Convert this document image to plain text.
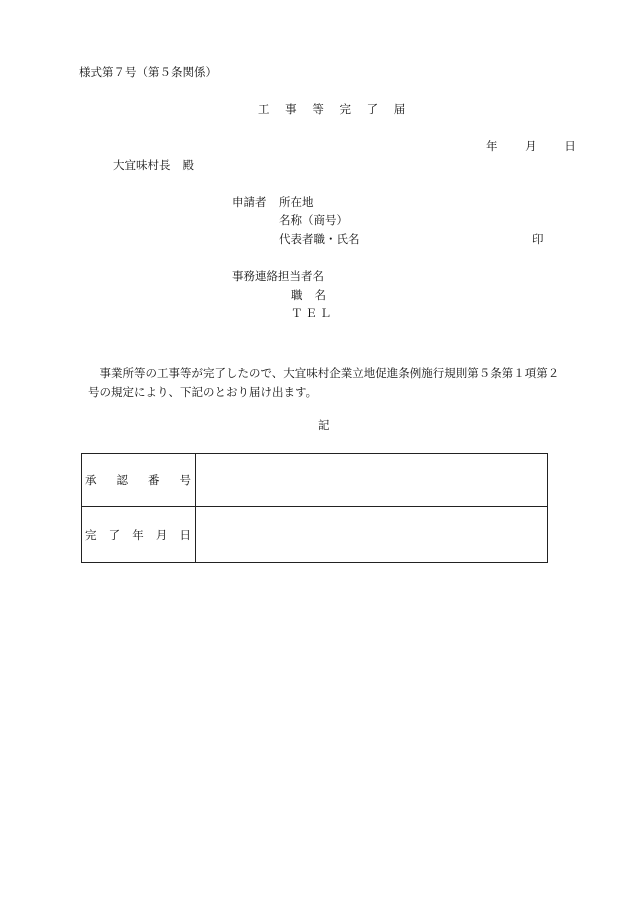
様式第７号（第５条関係）
工 事 等 完 了 届
年 月 日
大宜味村長 殿
申請者 所在地
名称（商号）
代表者職・氏名	印
事務連絡担当者名
職 名
ＴＥＬ
　事業所等の工事等が完了したので、大宜味村企業立地促進条例施行規則第５条第１項第２
号の規定により、下記のとおり届け出ます。
記
承 認 番 号	

完 了 年 月 日	
